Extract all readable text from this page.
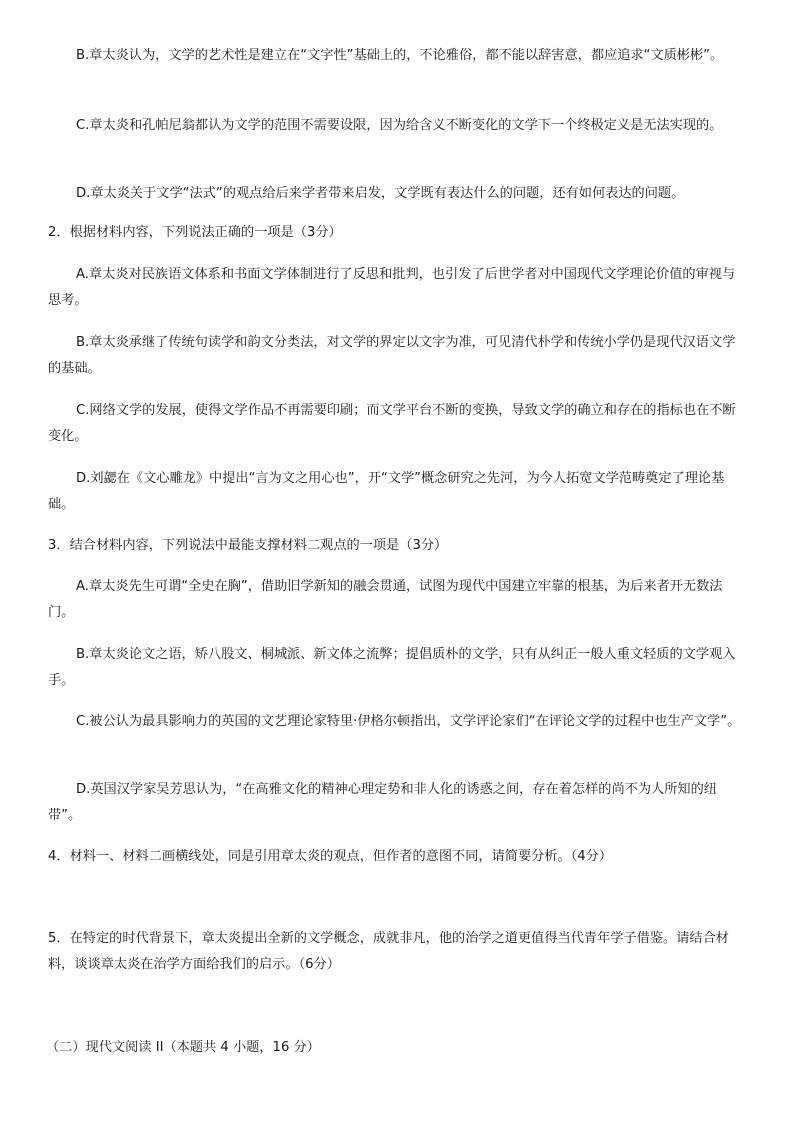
B.章太炎认为，文学的艺术性是建立在“文字性”基础上的，不论雅俗，都不能以辞害意，都应追求“文质彬彬”。

C.章太炎和孔帕尼翁都认为文学的范围不需要设限，因为给含义不断变化的文学下一个终极定义是无法实现的。

D.章太炎关于文学“法式”的观点给后来学者带来启发，文学既有表达什么的问题，还有如何表达的问题。

2．根据材料内容，下列说法正确的一项是（3分）

A.章太炎对民族语文体系和书面文学体制进行了反思和批判，也引发了后世学者对中国现代文学理论价值的审视与思考。

B.章太炎承继了传统句读学和韵文分类法，对文学的界定以文字为准，可见清代朴学和传统小学仍是现代汉语文学的基础。

C.网络文学的发展，使得文学作品不再需要印刷；而文学平台不断的变换，导致文学的确立和存在的指标也在不断变化。

D.刘勰在《文心雕龙》中提出“言为文之用心也”，开“文学”概念研究之先河，为今人拓宽文学范畴奠定了理论基础。

3．结合材料内容，下列说法中最能支撑材料二观点的一项是（3分）

A.章太炎先生可谓“全史在胸”，借助旧学新知的融会贯通，试图为现代中国建立牢靠的根基，为后来者开无数法门。

B.章太炎论文之语，矫八股文、桐城派、新文体之流弊；提倡质朴的文学，只有从纠正一般人重文轻质的文学观入手。

C.被公认为最具影响力的英国的文艺理论家特里·伊格尔顿指出，文学评论家们“在评论文学的过程中也生产文学”。

D.英国汉学家吴芳思认为，“在高雅文化的精神心理定势和非人化的诱惑之间，存在着怎样的尚不为人所知的纽带”。

4．材料一、材料二画横线处，同是引用章太炎的观点，但作者的意图不同，请简要分析。（4分）

5．在特定的时代背景下，章太炎提出全新的文学概念，成就非凡，他的治学之道更值得当代青年学子借鉴。请结合材料，谈谈章太炎在治学方面给我们的启示。（6分）

（二）现代文阅读 II（本题共 4 小题，16 分）
